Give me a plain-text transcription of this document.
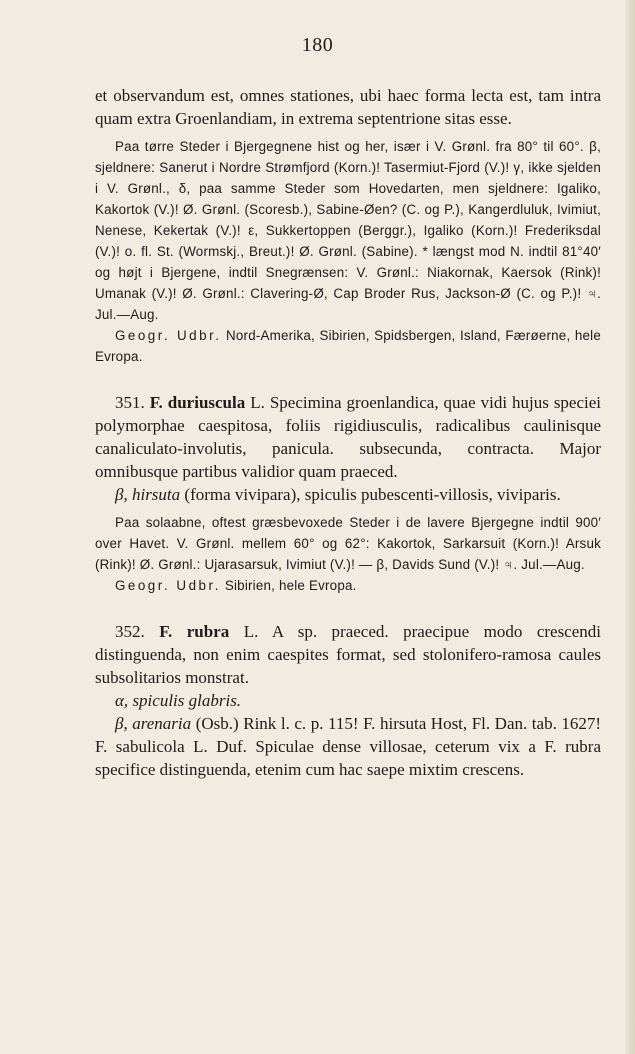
180

et observandum est, omnes stationes, ubi haec forma lecta est, tam intra quam extra Groenlandiam, in extrema septentrione sitas esse.

Paa tørre Steder i Bjergegnene hist og her, især i V. Grønl. fra 80° til 60°. β, sjeldnere: Sanerut i Nordre Strømfjord (Korn.)! Tasermiut-Fjord (V.)! γ, ikke sjelden i V. Grønl., δ, paa samme Steder som Hovedarten, men sjeldnere: Igaliko, Kakortok (V.)! Ø. Grønl. (Scoresb.), Sabine-Øen? (C. og P.), Kangerdluluk, Ivimiut, Nenese, Kekertak (V.)! ε, Sukkertoppen (Berggr.), Igaliko (Korn.)! Frederiksdal (V.)! o. fl. St. (Wormskj., Breut.)! Ø. Grønl. (Sabine). * længst mod N. indtil 81°40′ og højt i Bjergene, indtil Snegrænsen: V. Grønl.: Niakornak, Kaersok (Rink)! Umanak (V.)! Ø. Grønl.: Clavering-Ø, Cap Broder Rus, Jackson-Ø (C. og P.)! ♃. Jul.—Aug.
Geogr. Udbr. Nord-Amerika, Sibirien, Spidsbergen, Island, Færøerne, hele Evropa.

351. F. duriuscula L. Specimina groenlandica, quae vidi hujus speciei polymorphae caespitosa, foliis rigidiusculis, radicalibus caulinisque canaliculato-involutis, panicula. subsecunda, contracta. Major omnibusque partibus validior quam praeced.
β, hirsuta (forma vivipara), spiculis pubescenti-villosis, viviparis.

Paa solaabne, oftest græsbevoxede Steder i de lavere Bjergegne indtil 900′ over Havet. V. Grønl. mellem 60° og 62°: Kakortok, Sarkarsuit (Korn.)! Arsuk (Rink)! Ø. Grønl.: Ujarasarsuk, Ivimiut (V.)! — β, Davids Sund (V.)! ♃. Jul.—Aug.
Geogr. Udbr. Sibirien, hele Evropa.

352. F. rubra L. A sp. praeced. praecipue modo crescendi distinguenda, non enim caespites format, sed stolonifero-ramosa caules subsolitarios monstrat.
α, spiculis glabris.
β, arenaria (Osb.) Rink l. c. p. 115! F. hirsuta Host, Fl. Dan. tab. 1627! F. sabulicola L. Duf. Spiculae dense villosae, ceterum vix a F. rubra specifice distinguenda, etenim cum hac saepe mixtim crescens.
